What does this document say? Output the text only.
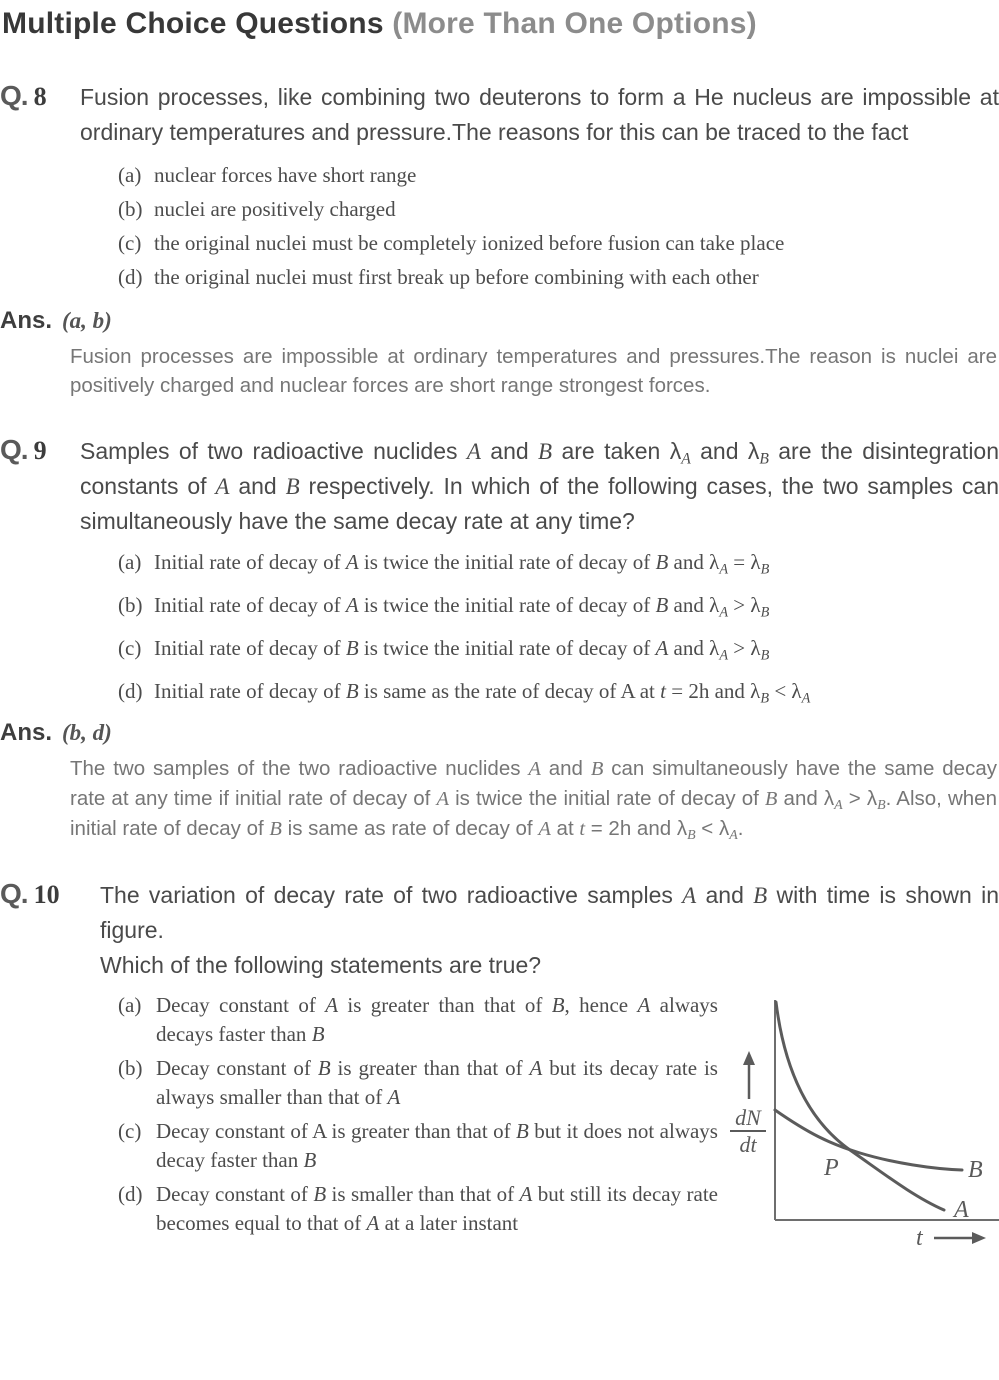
Multiple Choice Questions (More Than One Options)
Q. 8	Fusion processes, like combining two deuterons to form a He nucleus are impossible at ordinary temperatures and pressure.The reasons for this can be traced to the fact
(a) nuclear forces have short range
(b) nuclei are positively charged
(c) the original nuclei must be completely ionized before fusion can take place
(d) the original nuclei must first break up before combining with each other
Ans. (a, b)
Fusion processes are impossible at ordinary temperatures and pressures.The reason is nuclei are positively charged and nuclear forces are short range strongest forces.
Q. 9	Samples of two radioactive nuclides A and B are taken $\lambda_A$ and $\lambda_B$ are the disintegration constants of A and B respectively. In which of the following cases, the two samples can simultaneously have the same decay rate at any time?
(a) Initial rate of decay of A is twice the initial rate of decay of B and $\lambda_A = \lambda_B$
(b) Initial rate of decay of A is twice the initial rate of decay of B and $\lambda_A > \lambda_B$
(c) Initial rate of decay of B is twice the initial rate of decay of A and $\lambda_A > \lambda_B$
(d) Initial rate of decay of B is same as the rate of decay of A at t = 2h and $\lambda_B < \lambda_A$
Ans. (b, d)
The two samples of the two radioactive nuclides A and B can simultaneously have the same decay rate at any time if initial rate of decay of A is twice the initial rate of decay of B and $\lambda_A > \lambda_B$. Also, when initial rate of decay of B is same as rate of decay of A at t = 2h and $\lambda_B < \lambda_A$.
Q. 10	The variation of decay rate of two radioactive samples A and B with time is shown in figure.
Which of the following statements are true?
(a) Decay constant of A is greater than that of B, hence A always decays faster than B
(b) Decay constant of B is greater than that of A but its decay rate is always smaller than that of A
(c) Decay constant of A is greater than that of B but it does not always decay faster than B
(d) Decay constant of B is smaller than that of A but still its decay rate becomes equal to that of A at a later instant
dN
dt
P
A
B
t
